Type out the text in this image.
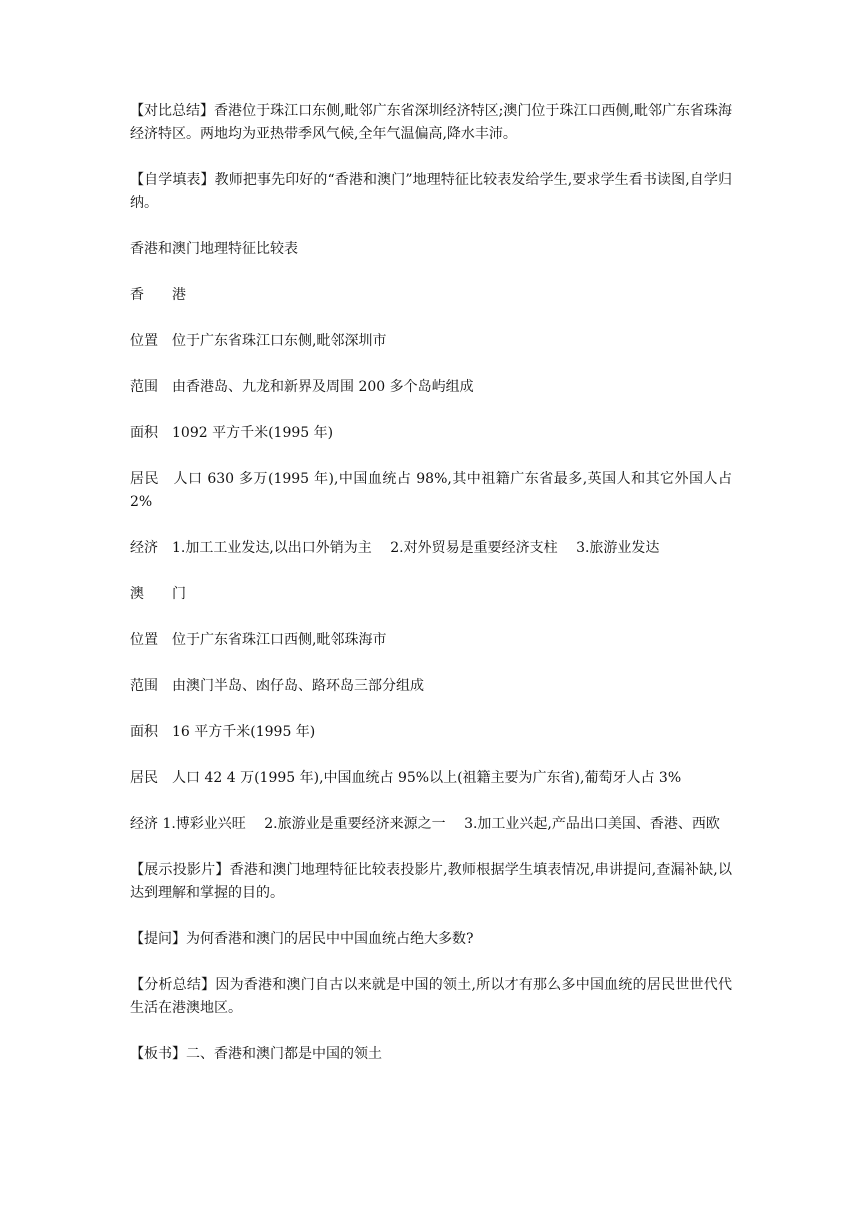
【对比总结】香港位于珠江口东侧,毗邻广东省深圳经济特区;澳门位于珠江口西侧,毗邻广东省珠海经济特区。两地均为亚热带季风气候,全年气温偏高,降水丰沛。

【自学填表】教师把事先印好的“香港和澳门”地理特征比较表发给学生,要求学生看书读图,自学归纳。

香港和澳门地理特征比较表

香　　港

位置　位于广东省珠江口东侧,毗邻深圳市

范围　由香港岛、九龙和新界及周围 200 多个岛屿组成

面积　1092 平方千米(1995 年)

居民　人口 630 多万(1995 年),中国血统占 98%,其中祖籍广东省最多,英国人和其它外国人占 2%

经济　1.加工工业发达,以出口外销为主　 2.对外贸易是重要经济支柱　 3.旅游业发达

澳　　门

位置　位于广东省珠江口西侧,毗邻珠海市

范围　由澳门半岛、凼仔岛、路环岛三部分组成

面积　16 平方千米(1995 年)

居民　人口 42 4 万(1995 年),中国血统占 95%以上(祖籍主要为广东省),葡萄牙人占 3%

经济 1.博彩业兴旺　 2.旅游业是重要经济来源之一　 3.加工业兴起,产品出口美国、香港、西欧

【展示投影片】香港和澳门地理特征比较表投影片,教师根据学生填表情况,串讲提问,查漏补缺,以达到理解和掌握的目的。

【提问】为何香港和澳门的居民中中国血统占绝大多数?

【分析总结】因为香港和澳门自古以来就是中国的领土,所以才有那么多中国血统的居民世世代代生活在港澳地区。

【板书】二、香港和澳门都是中国的领土
